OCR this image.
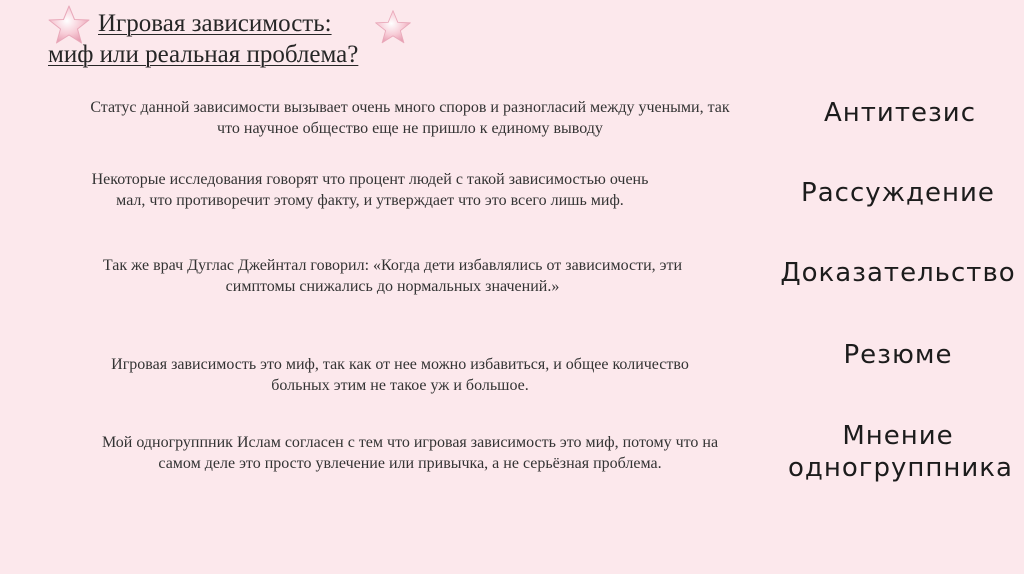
Игровая зависимость:
миф или реальная проблема?
Статус данной зависимости вызывает очень много споров и разногласий между учеными, так
что научное общество еще не пришло к единому выводу
Антитезис
Некоторые исследования говорят что процент людей с такой зависимостью очень
мал, что противоречит этому факту, и утверждает что это всего лишь миф.	Рассуждение
Так же врач Дуглас Джейнтал говорил: «Когда дети избавлялись от зависимости, эти
симптомы снижались до нормальных значений.»	Доказательство
Игровая зависимость это миф, так как от нее можно избавиться, и общее количество
больных этим не такое уж и большое.
Резюме
Мой одногруппник Ислам согласен с тем что игровая зависимость это миф, потому что на
самом деле это просто увлечение или привычка, а не серьёзная проблема.
Мнение
одногруппника
